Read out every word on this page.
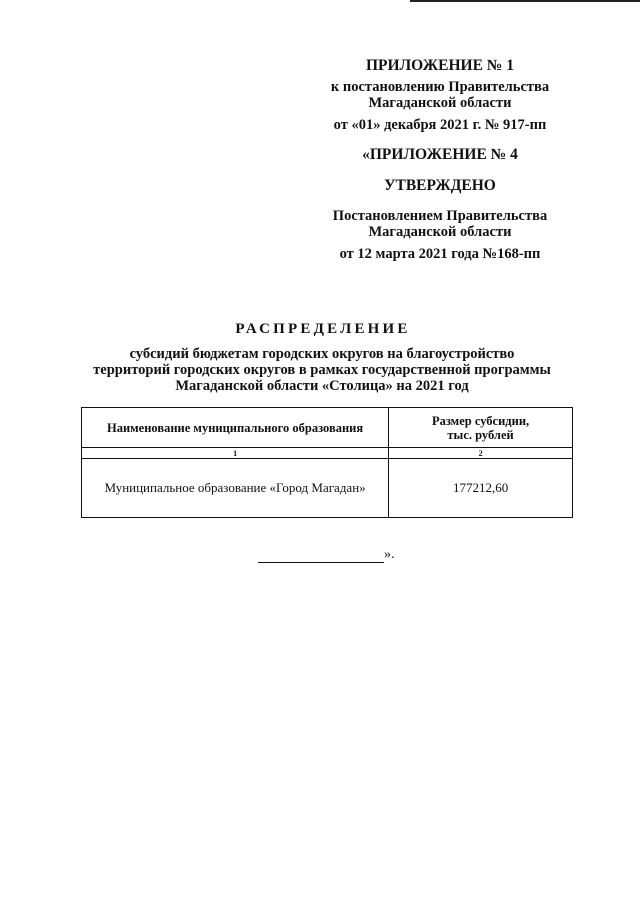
ПРИЛОЖЕНИЕ № 1
к постановлению Правительства
Магаданской области
от «01» декабря 2021 г. № 917-пп
«ПРИЛОЖЕНИЕ № 4
УТВЕРЖДЕНО
Постановлением Правительства
Магаданской области
от 12 марта 2021 года №168-пп
РАСПРЕДЕЛЕНИЕ
субсидий бюджетам городских округов на благоустройство
территорий городских округов в рамках государственной программы
Магаданской области «Столица» на 2021 год
Наименование муниципального образования	Размер субсидии,
тыс. рублей
1	2
Муниципальное образование «Город Магадан»	177212,60
».
